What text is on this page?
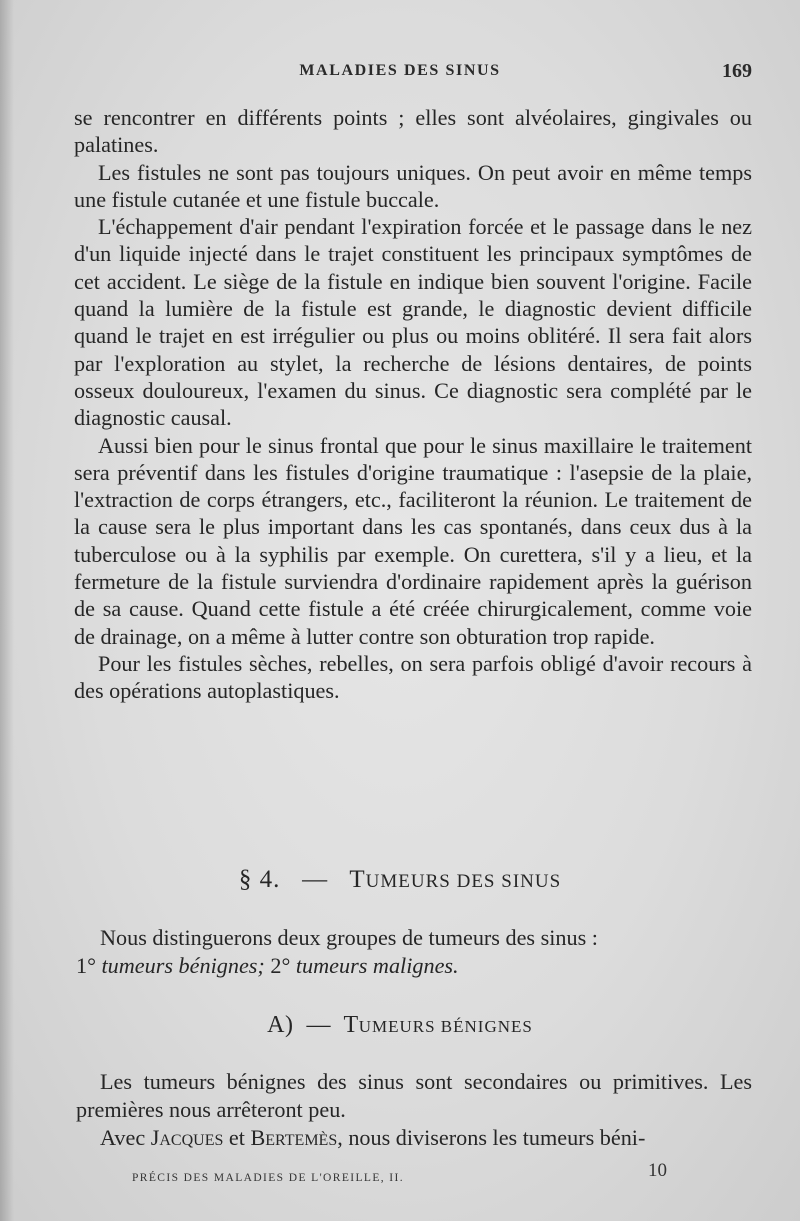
MALADIES DES SINUS	169

se rencontrer en différents points ; elles sont alvéolaires, gingivales ou palatines.

Les fistules ne sont pas toujours uniques. On peut avoir en même temps une fistule cutanée et une fistule buccale.

L'échappement d'air pendant l'expiration forcée et le passage dans le nez d'un liquide injecté dans le trajet constituent les principaux symptômes de cet accident. Le siège de la fistule en indique bien souvent l'origine. Facile quand la lumière de la fistule est grande, le diagnostic devient difficile quand le trajet en est irrégulier ou plus ou moins oblitéré. Il sera fait alors par l'exploration au stylet, la recherche de lésions dentaires, de points osseux douloureux, l'examen du sinus. Ce diagnostic sera complété par le diagnostic causal.

Aussi bien pour le sinus frontal que pour le sinus maxillaire le traitement sera préventif dans les fistules d'origine traumatique : l'asepsie de la plaie, l'extraction de corps étrangers, etc., faciliteront la réunion. Le traitement de la cause sera le plus important dans les cas spontanés, dans ceux dus à la tuberculose ou à la syphilis par exemple. On curettera, s'il y a lieu, et la fermeture de la fistule surviendra d'ordinaire rapidement après la guérison de sa cause. Quand cette fistule a été créée chirurgicalement, comme voie de drainage, on a même à lutter contre son obturation trop rapide.

Pour les fistules sèches, rebelles, on sera parfois obligé d'avoir recours à des opérations autoplastiques.

§ 4. — TUMEURS DES SINUS

Nous distinguerons deux groupes de tumeurs des sinus :

1° tumeurs bénignes; 2° tumeurs malignes.

A) — TUMEURS BÉNIGNES

Les tumeurs bénignes des sinus sont secondaires ou primitives. Les premières nous arrêteront peu.

Avec Jacques et Bertemès, nous diviserons les tumeurs béni-

PRÉCIS DES MALADIES DE L'OREILLE, II.	10
